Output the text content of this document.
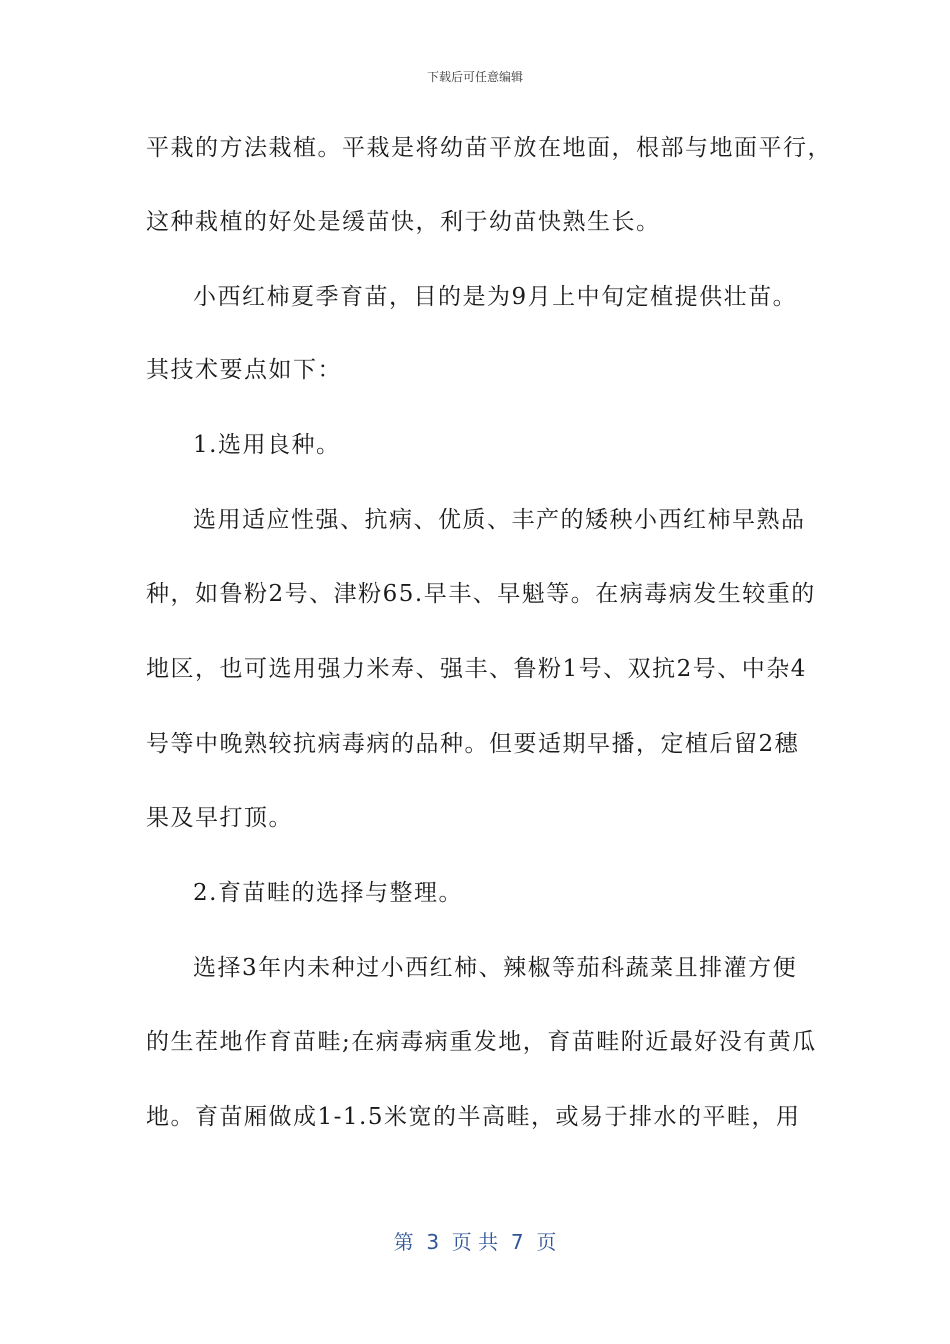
下载后可任意编辑
平栽的方法栽植。平栽是将幼苗平放在地面，根部与地面平行，
这种栽植的好处是缓苗快，利于幼苗快熟生长。
小西红柿夏季育苗，目的是为9月上中旬定植提供壮苗。
其技术要点如下：
1.选用良种。
选用适应性强、抗病、优质、丰产的矮秧小西红柿早熟品
种，如鲁粉2号、津粉65.早丰、早魁等。在病毒病发生较重的
地区，也可选用强力米寿、强丰、鲁粉1号、双抗2号、中杂4
号等中晚熟较抗病毒病的品种。但要适期早播，定植后留2穗
果及早打顶。
2.育苗畦的选择与整理。
选择3年内未种过小西红柿、辣椒等茄科蔬菜且排灌方便
的生茬地作育苗畦;在病毒病重发地，育苗畦附近最好没有黄瓜
地。育苗厢做成1-1.5米宽的半高畦，或易于排水的平畦，用
第  3  页 共  7  页
